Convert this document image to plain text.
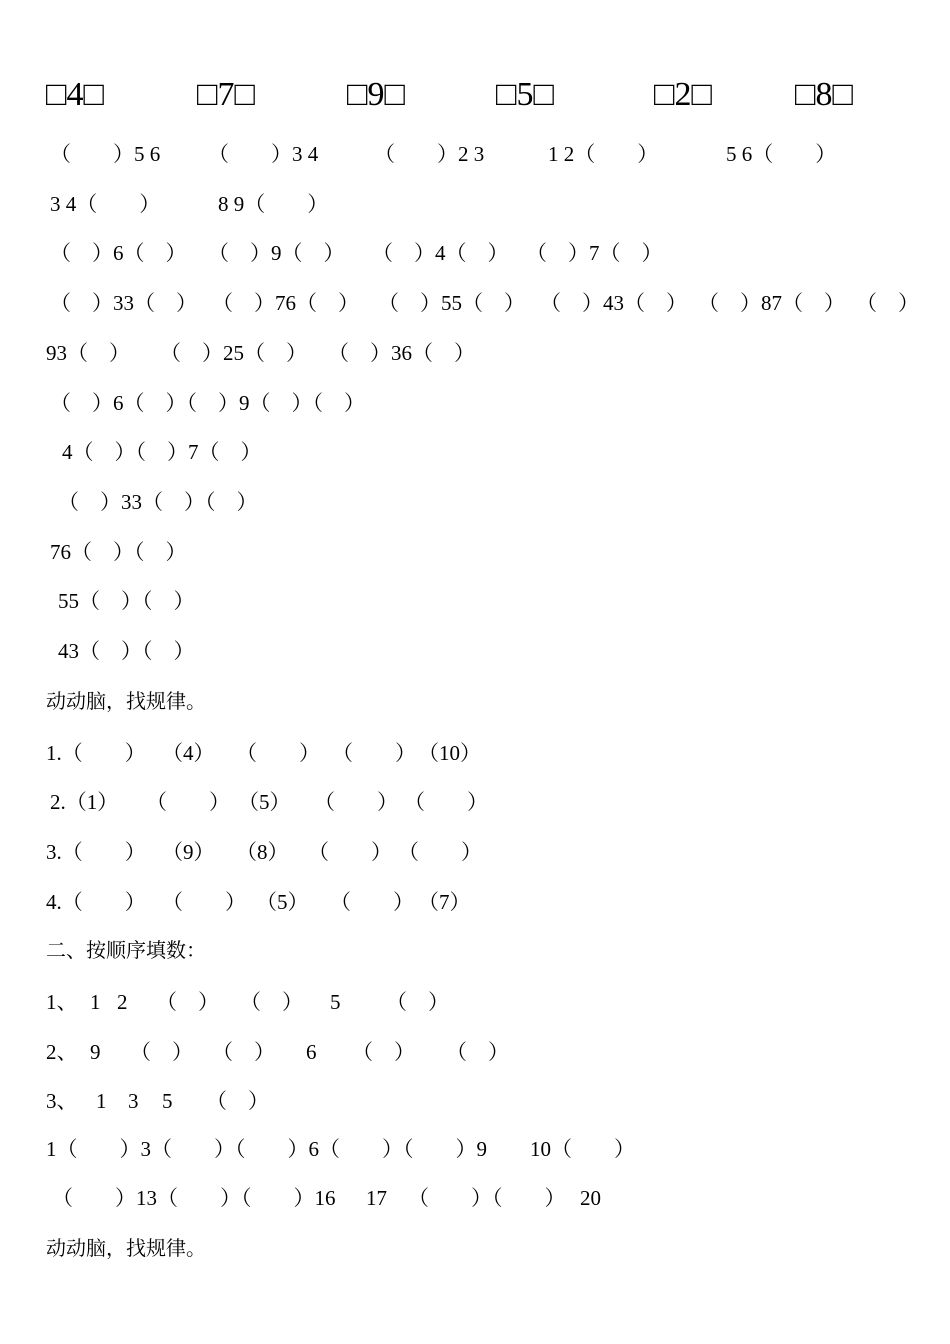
□4□	□7□	□9□	□5□	□2□ □8□
（　　）5 6 （　　）3 4	（　　）2 3	1 2（　　）	5 6（　　）
3 4（　　）	8 9（　　）
（　）6（　） （　）9（　） （　）4（　） （　）7（　）
（　）33（　） （　）76（　） （　）55（　） （　）43（　） （　）87（　） （　）
93（　） （　）25（　） （　）36（　）
（　）6（　）（　）9（　）（　）
4（　）（　）7（　）
（　）33（　）（　）
76（　）（　）
55（　）（　）
43（　）（　）
动动脑，找规律。
1.（　　） （4） （　　） （　　） （10）
2.（1） （　　） （5） （　　） （　　）
3.（　　） （9） （8） （　　） （　　）
4.（　　） （　　） （5） （　　） （7）
二、按顺序填数：
1、 1 2 （　） （　） 5 （　）
2、 9 （　） （　） 6 （　） （　）
3、 1 3 5 （　）
1（　　）3（　　）（　　）6（　　）（　　）9 10（　　）
（　　）13（　　）（　　）16 17 （　　）（　　） 20
动动脑，找规律。
